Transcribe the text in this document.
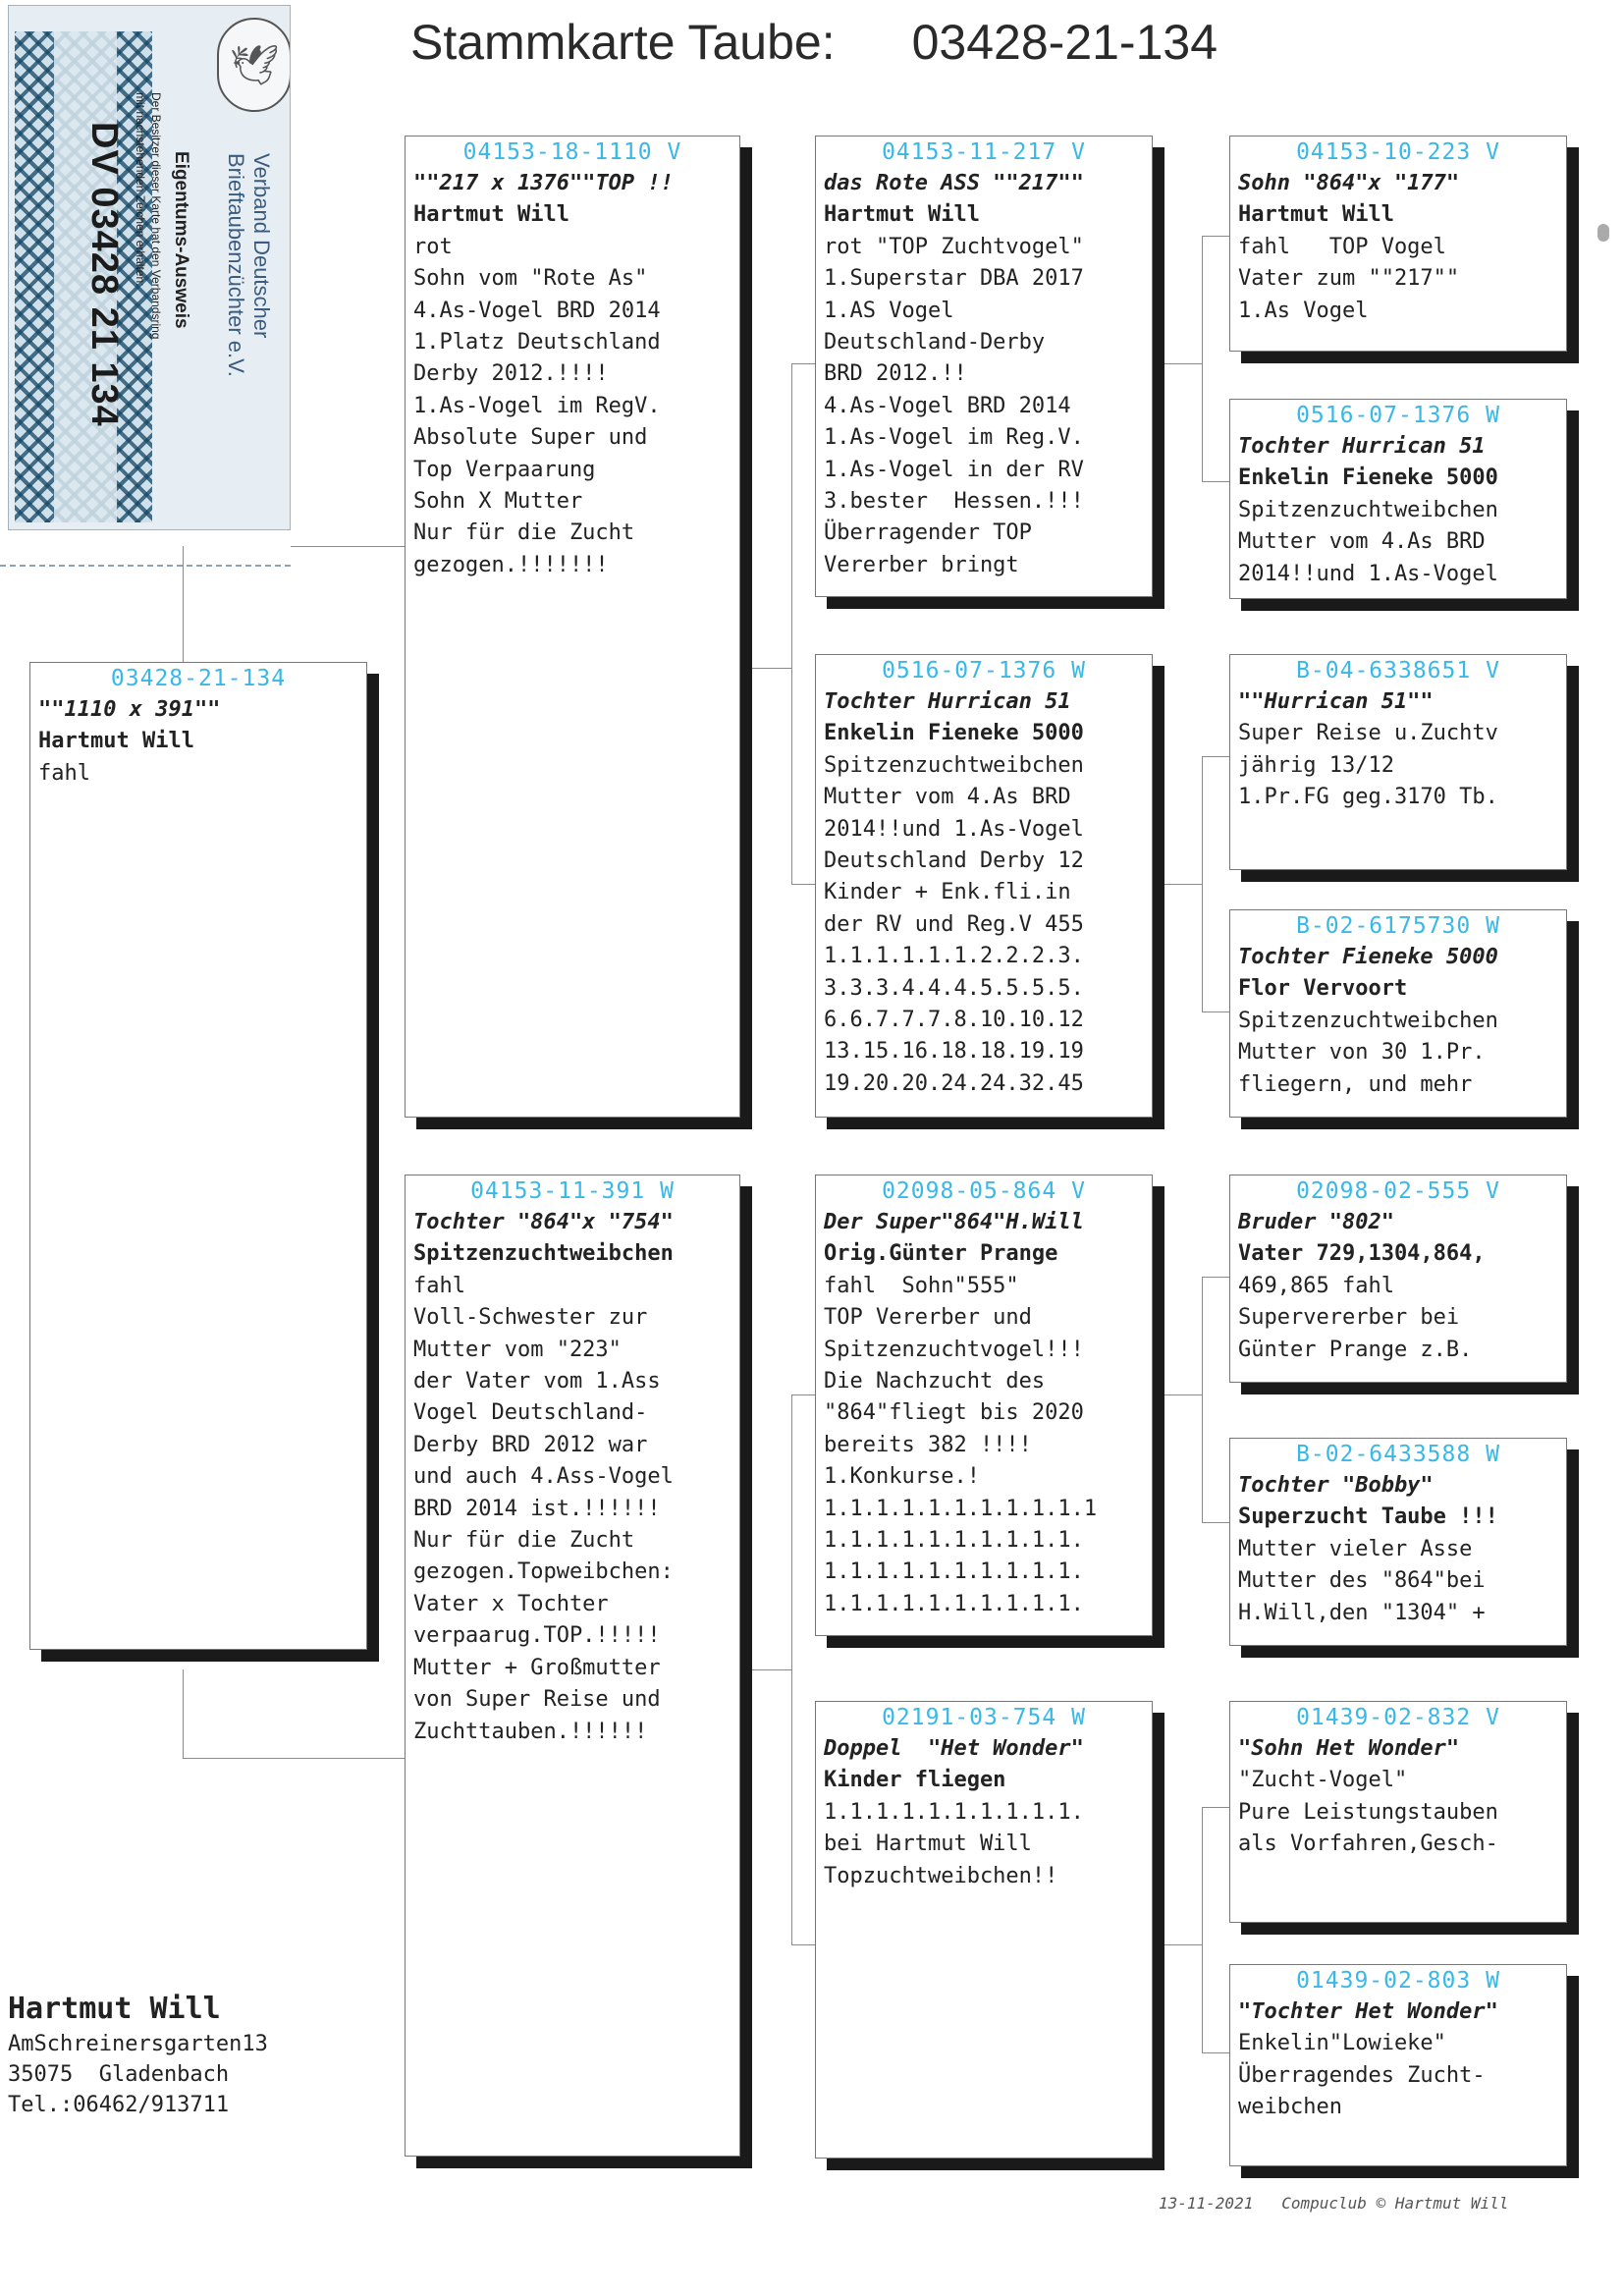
Stammkarte Taube: 03428-21-134
DV 03428 21 134 Der Besitzer dieser Karte hat den Verbandsring
mit nachstehenden Zeichen erhalten: Eigentums-Ausweis	Verband Deutscher
Brieftaubenzüchter e.V.
🕊
03428-21-134
""1110 x 391""
Hartmut Will
fahl
04153-18-1110 V
""217 x 1376""TOP !!
Hartmut Will
rot
Sohn vom "Rote As"
4.As-Vogel BRD 2014
1.Platz Deutschland
Derby 2012.!!!!
1.As-Vogel im RegV.
Absolute Super und
Top Verpaarung
Sohn X Mutter
Nur für die Zucht
gezogen.!!!!!!!
04153-11-391 W
Tochter "864"x "754"
Spitzenzuchtweibchen
fahl
Voll-Schwester zur
Mutter vom "223"
der Vater vom 1.Ass
Vogel Deutschland-
Derby BRD 2012 war
und auch 4.Ass-Vogel
BRD 2014 ist.!!!!!!
Nur für die Zucht
gezogen.Topweibchen:
Vater x Tochter
verpaarug.TOP.!!!!!
Mutter + Großmutter
von Super Reise und
Zuchttauben.!!!!!!
04153-11-217 V
das Rote ASS ""217""
Hartmut Will
rot "TOP Zuchtvogel"
1.Superstar DBA 2017
1.AS Vogel
Deutschland-Derby
BRD 2012.!!
4.As-Vogel BRD 2014
1.As-Vogel im Reg.V.
1.As-Vogel in der RV
3.bester  Hessen.!!!
Überragender TOP
Vererber bringt
0516-07-1376 W
Tochter Hurrican 51
Enkelin Fieneke 5000
Spitzenzuchtweibchen
Mutter vom 4.As BRD
2014!!und 1.As-Vogel
Deutschland Derby 12
Kinder + Enk.fli.in
der RV und Reg.V 455
1.1.1.1.1.1.2.2.2.3.
3.3.3.4.4.4.5.5.5.5.
6.6.7.7.7.8.10.10.12
13.15.16.18.18.19.19
19.20.20.24.24.32.45
02098-05-864 V
Der Super"864"H.Will
Orig.Günter Prange
fahl  Sohn"555"
TOP Vererber und
Spitzenzuchtvogel!!!
Die Nachzucht des
"864"fliegt bis 2020
bereits 382 !!!!
1.Konkurse.!
1.1.1.1.1.1.1.1.1.1.1
1.1.1.1.1.1.1.1.1.1.
1.1.1.1.1.1.1.1.1.1.
1.1.1.1.1.1.1.1.1.1.
02191-03-754 W
Doppel  "Het Wonder"
Kinder fliegen
1.1.1.1.1.1.1.1.1.1.
bei Hartmut Will
Topzuchtweibchen!!
04153-10-223 V
Sohn "864"x "177"
Hartmut Will
fahl   TOP Vogel
Vater zum ""217""
1.As Vogel
0516-07-1376 W
Tochter Hurrican 51
Enkelin Fieneke 5000
Spitzenzuchtweibchen
Mutter vom 4.As BRD
2014!!und 1.As-Vogel
B-04-6338651 V
""Hurrican 51""
Super Reise u.Zuchtv
jährig 13/12
1.Pr.FG geg.3170 Tb.
B-02-6175730 W
Tochter Fieneke 5000
Flor Vervoort
Spitzenzuchtweibchen
Mutter von 30 1.Pr.
fliegern, und mehr
02098-02-555 V
Bruder "802"
Vater 729,1304,864,
469,865 fahl
Supervererber bei
Günter Prange z.B.
B-02-6433588 W
Tochter "Bobby"
Superzucht Taube !!!
Mutter vieler Asse
Mutter des "864"bei
H.Will,den "1304" +
01439-02-832 V
"Sohn Het Wonder"
"Zucht-Vogel"
Pure Leistungstauben
als Vorfahren,Gesch-
01439-02-803 W
"Tochter Het Wonder"
Enkelin"Lowieke"
Überragendes Zucht-
weibchen
Hartmut Will
AmSchreinersgarten13
35075  Gladenbach
Tel.:06462/913711
13-11-2021 Compuclub © Hartmut Will
